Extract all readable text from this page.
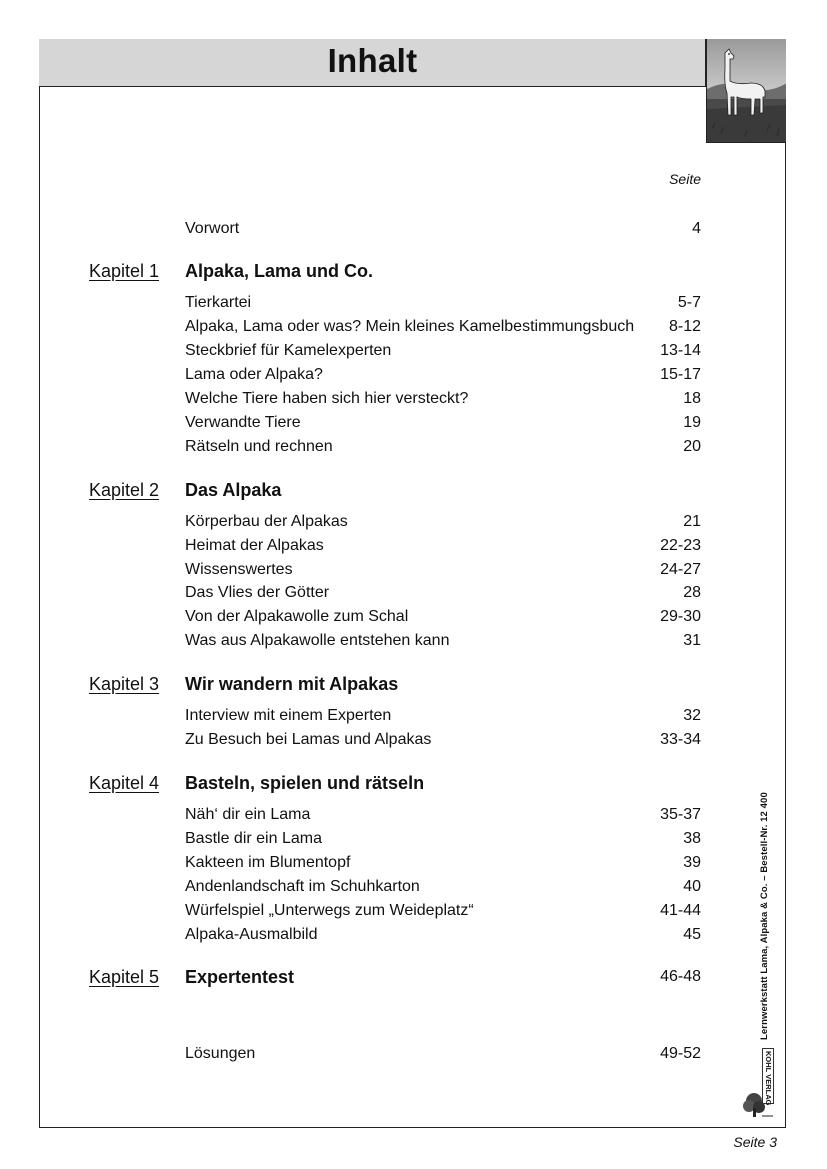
Inhalt
Seite
Vorwort	4
Kapitel 1 Alpaka, Lama und Co.
Tierkartei	5-7
Alpaka, Lama oder was? Mein kleines Kamelbestimmungsbuch 8-12
Steckbrief für Kamelexperten	13-14
Lama oder Alpaka?	15-17
Welche Tiere haben sich hier versteckt?	18
Verwandte Tiere	19
Rätseln und rechnen	20
Kapitel 2 Das Alpaka
Körperbau der Alpakas	21
Heimat der Alpakas	22-23
Wissenswertes	24-27
Das Vlies der Götter	28
Von der Alpakawolle zum Schal	29-30
Was aus Alpakawolle entstehen kann	31
Kapitel 3 Wir wandern mit Alpakas
Interview mit einem Experten	32
Zu Besuch bei Lamas und Alpakas	33-34
Kapitel 4 Basteln, spielen und rätseln
Näh‘ dir ein Lama	35-37
Bastle dir ein Lama	38
Kakteen im Blumentopf	39
Andenlandschaft im Schuhkarton	40
Würfelspiel „Unterwegs zum Weideplatz“	41-44
Alpaka-Ausmalbild	45
Kapitel 5 Expertentest	46-48
Lösungen	49-52
Lernwerkstatt Lama, Alpaka & Co. – Bestell-Nr. 12 400
KOHL VERLAG
Seite 3
